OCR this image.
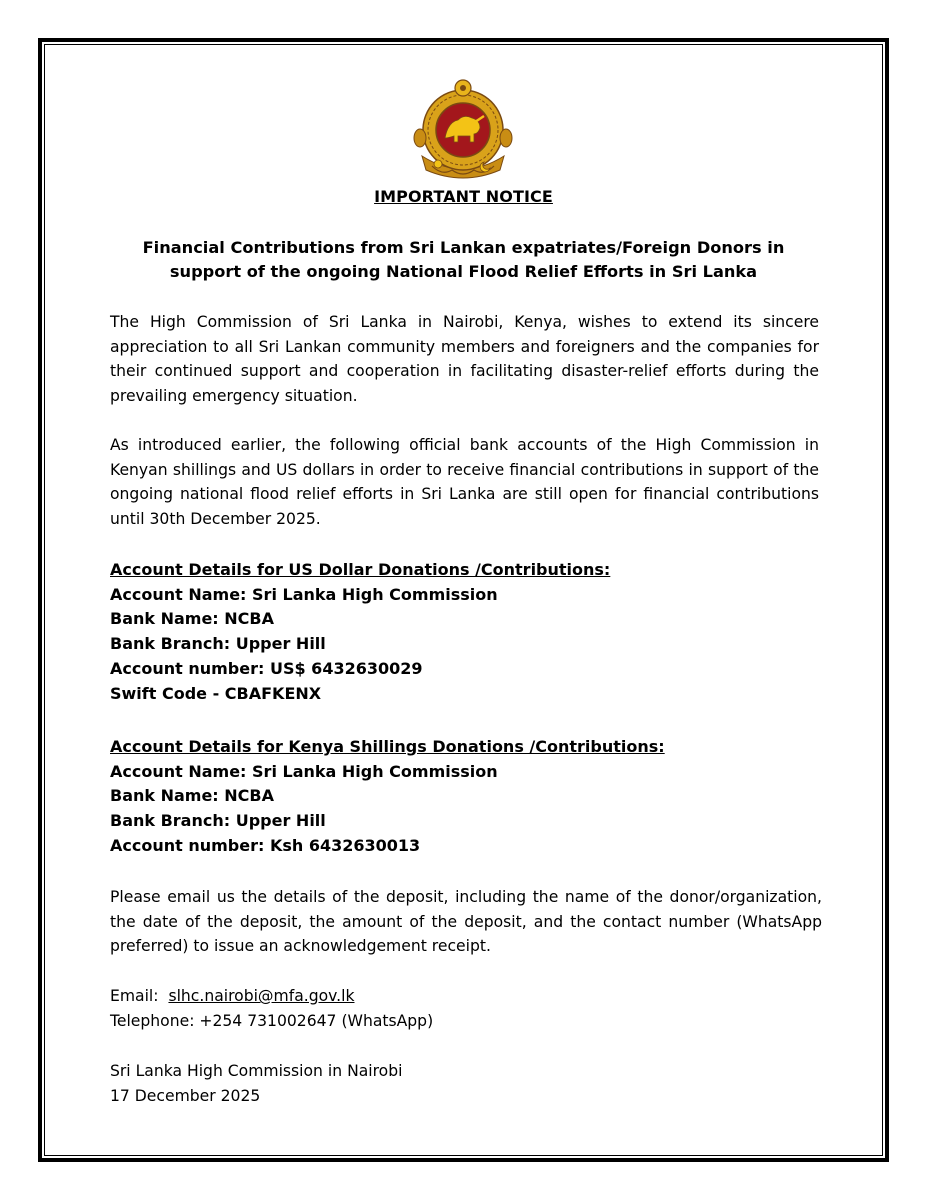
IMPORTANT NOTICE
Financial Contributions from Sri Lankan expatriates/Foreign Donors in
support of the ongoing National Flood Relief Efforts in Sri Lanka
The High Commission of Sri Lanka in Nairobi, Kenya, wishes to extend its sincere appreciation to all Sri Lankan community members and foreigners and the companies for their continued support and cooperation in facilitating disaster-relief efforts during the prevailing emergency situation.
As introduced earlier, the following official bank accounts of the High Commission in Kenyan shillings and US dollars in order to receive financial contributions in support of the ongoing national flood relief efforts in Sri Lanka are still open for financial contributions until 30th December 2025.
Account Details for US Dollar Donations /Contributions:
Account Name: Sri Lanka High Commission
Bank Name: NCBA
Bank Branch: Upper Hill
Account number: US$ 6432630029
Swift Code - CBAFKENX
Account Details for Kenya Shillings Donations /Contributions:
Account Name: Sri Lanka High Commission
Bank Name: NCBA
Bank Branch: Upper Hill
Account number: Ksh 6432630013
Please email us the details of the deposit, including the name of the donor/organization, the date of the deposit, the amount of the deposit, and the contact number (WhatsApp preferred) to issue an acknowledgement receipt.
Email: slhc.nairobi@mfa.gov.lk
Telephone: +254 731002647 (WhatsApp)
Sri Lanka High Commission in Nairobi
17 December 2025
